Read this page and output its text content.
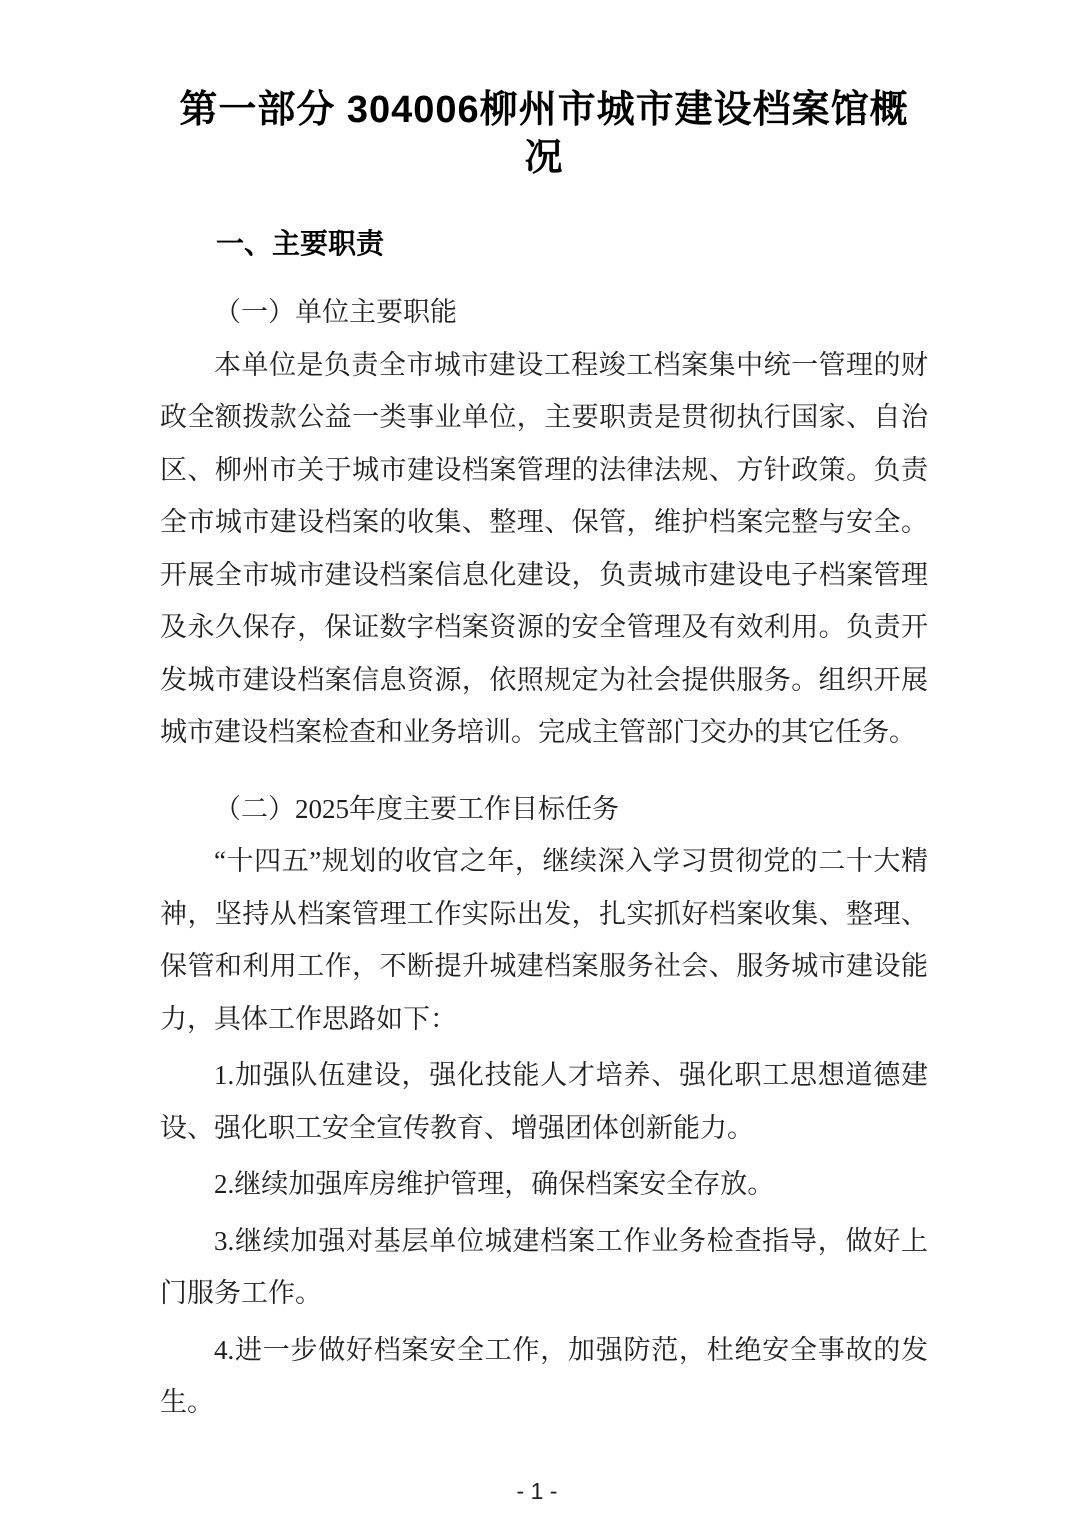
第一部分 304006柳州市城市建设档案馆概况
一、主要职责

（一）单位主要职能

本单位是负责全市城市建设工程竣工档案集中统一管理的财政全额拨款公益一类事业单位，主要职责是贯彻执行国家、自治区、柳州市关于城市建设档案管理的法律法规、方针政策。负责全市城市建设档案的收集、整理、保管，维护档案完整与安全。开展全市城市建设档案信息化建设，负责城市建设电子档案管理及永久保存，保证数字档案资源的安全管理及有效利用。负责开发城市建设档案信息资源，依照规定为社会提供服务。组织开展城市建设档案检查和业务培训。完成主管部门交办的其它任务。

（二）2025年度主要工作目标任务

“十四五”规划的收官之年，继续深入学习贯彻党的二十大精神，坚持从档案管理工作实际出发，扎实抓好档案收集、整理、保管和利用工作，不断提升城建档案服务社会、服务城市建设能力，具体工作思路如下：

1.加强队伍建设，强化技能人才培养、强化职工思想道德建设、强化职工安全宣传教育、增强团体创新能力。

2.继续加强库房维护管理，确保档案安全存放。

3.继续加强对基层单位城建档案工作业务检查指导，做好上门服务工作。

4.进一步做好档案安全工作，加强防范，杜绝安全事故的发生。

- 1 -
